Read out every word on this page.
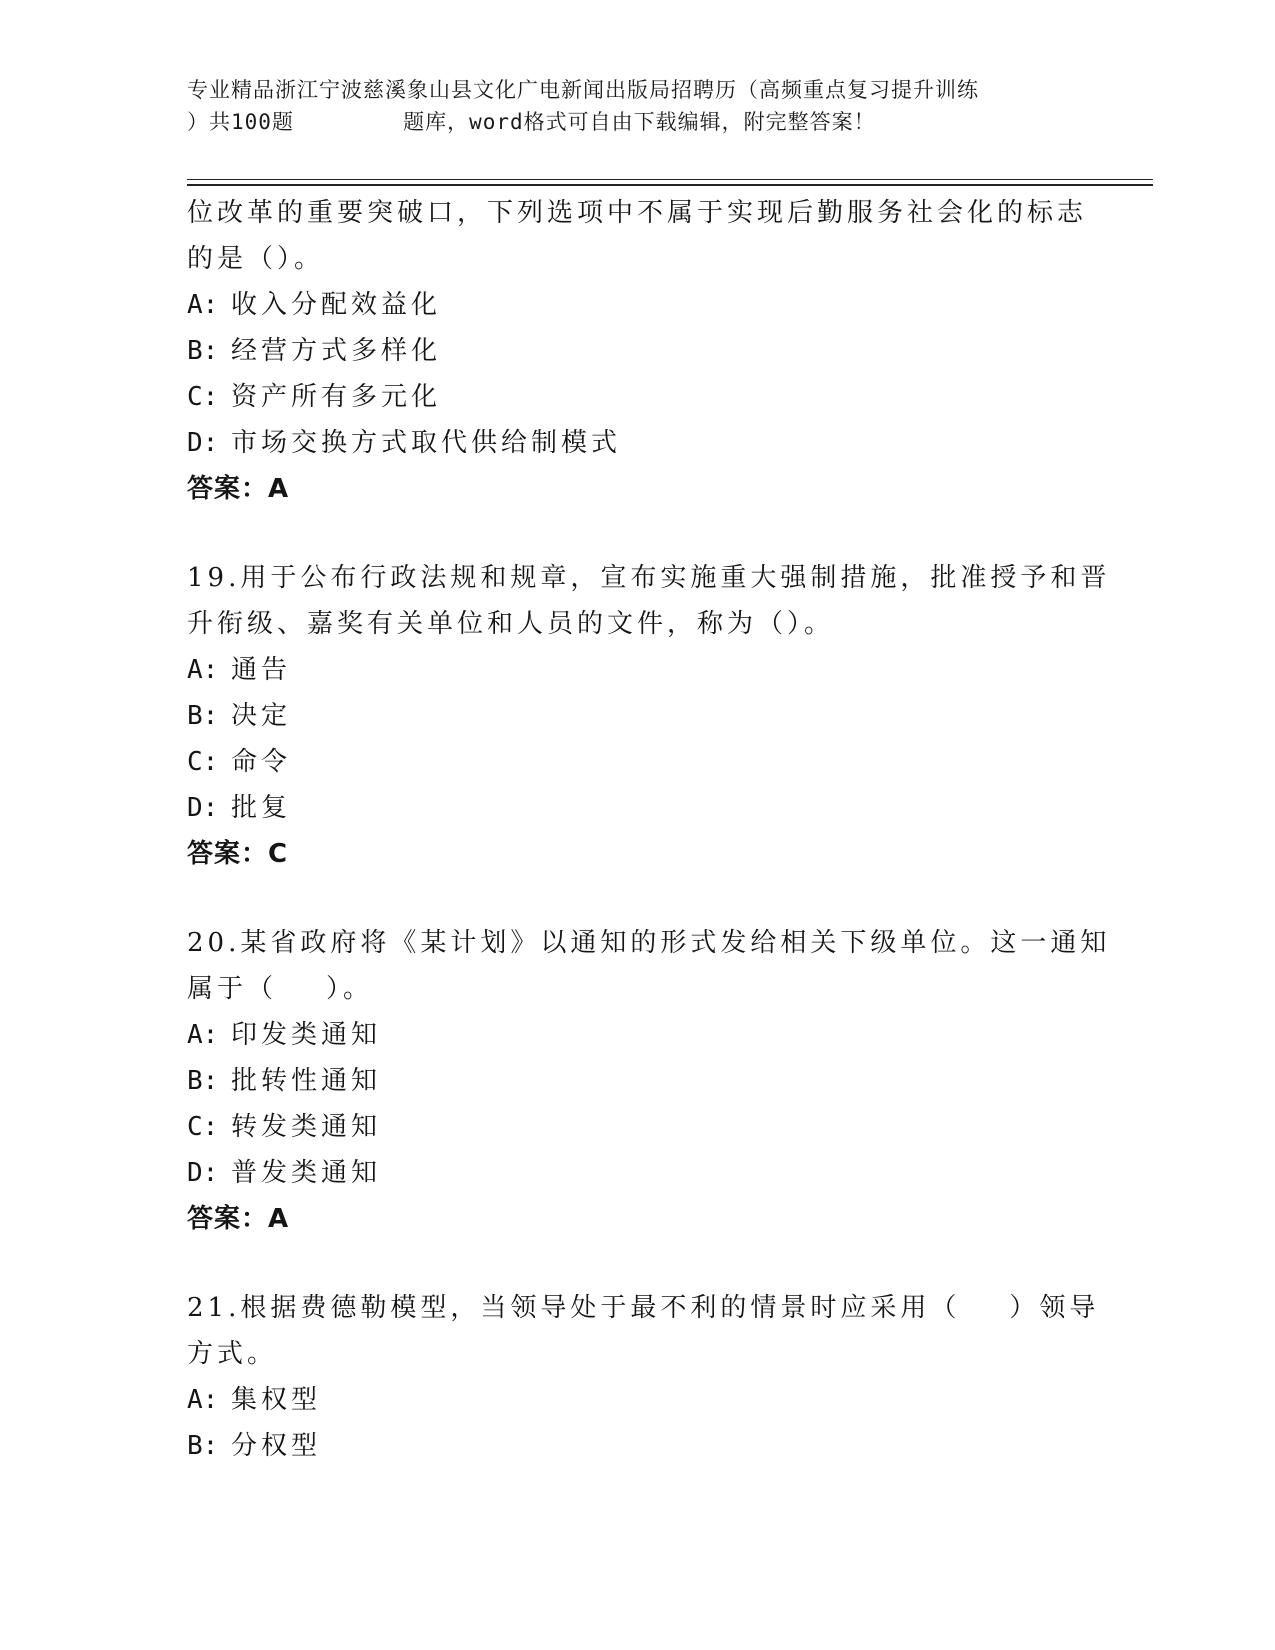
专业精品浙江宁波慈溪象山县文化广电新闻出版局招聘历（高频重点复习提升训练
）共100题        题库，word格式可自由下载编辑，附完整答案！
位改革的重要突破口，下列选项中不属于实现后勤服务社会化的标志
的是（）。
A: 收入分配效益化
B: 经营方式多样化
C: 资产所有多元化
D: 市场交换方式取代供给制模式
答案：A
19.用于公布行政法规和规章，宣布实施重大强制措施，批准授予和晋
升衔级、嘉奖有关单位和人员的文件，称为（）。
A: 通告
B: 决定
C: 命令
D: 批复
答案：C
20.某省政府将《某计划》以通知的形式发给相关下级单位。这一通知
属于（    ）。
A: 印发类通知
B: 批转性通知
C: 转发类通知
D: 普发类通知
答案：A
21.根据费德勒模型，当领导处于最不利的情景时应采用（    ）领导
方式。
A: 集权型
B: 分权型
